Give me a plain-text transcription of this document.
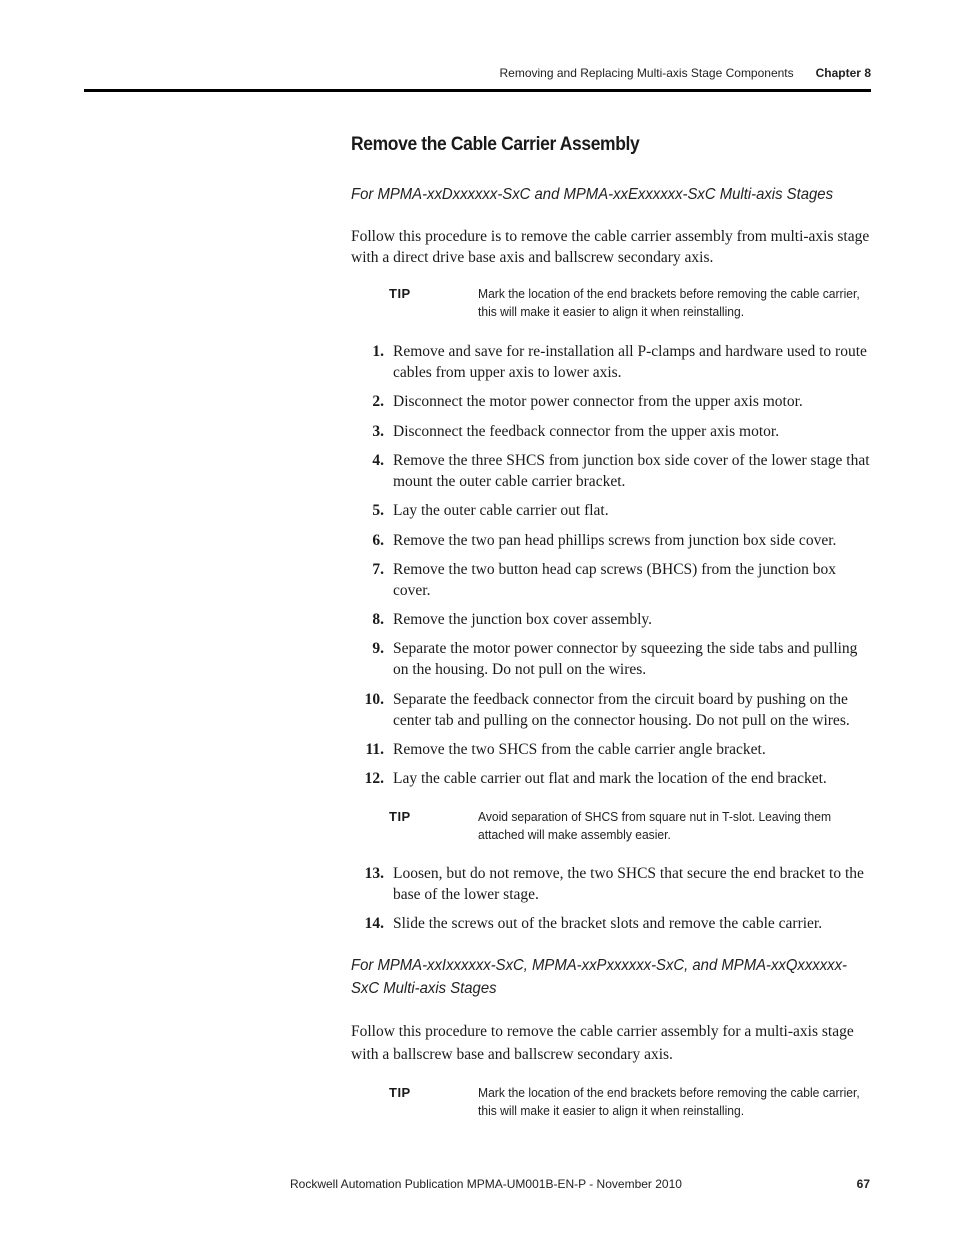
Removing and Replacing Multi-axis Stage Components Chapter 8
Remove the Cable Carrier Assembly

For MPMA-xxDxxxxxx-SxC and MPMA-xxExxxxxx-SxC Multi-axis Stages

Follow this procedure is to remove the cable carrier assembly from multi-axis stage with a direct drive base axis and ballscrew secondary axis.

TIP	Mark the location of the end brackets before removing the cable carrier, this will make it easier to align it when reinstalling.

1. Remove and save for re-installation all P-clamps and hardware used to route cables from upper axis to lower axis.

2. Disconnect the motor power connector from the upper axis motor.

3. Disconnect the feedback connector from the upper axis motor.

4. Remove the three SHCS from junction box side cover of the lower stage that mount the outer cable carrier bracket.

5. Lay the outer cable carrier out flat.

6. Remove the two pan head phillips screws from junction box side cover.

7. Remove the two button head cap screws (BHCS) from the junction box cover.

8. Remove the junction box cover assembly.

9. Separate the motor power connector by squeezing the side tabs and pulling on the housing. Do not pull on the wires.

10. Separate the feedback connector from the circuit board by pushing on the center tab and pulling on the connector housing. Do not pull on the wires.

11. Remove the two SHCS from the cable carrier angle bracket.

12. Lay the cable carrier out flat and mark the location of the end bracket.

TIP	Avoid separation of SHCS from square nut in T-slot. Leaving them attached will make assembly easier.

13. Loosen, but do not remove, the two SHCS that secure the end bracket to the base of the lower stage.

14. Slide the screws out of the bracket slots and remove the cable carrier.

For MPMA-xxIxxxxxx-SxC, MPMA-xxPxxxxxx-SxC, and MPMA-xxQxxxxxx-SxC Multi-axis Stages

Follow this procedure to remove the cable carrier assembly for a multi-axis stage with a ballscrew base and ballscrew secondary axis.

TIP	Mark the location of the end brackets before removing the cable carrier, this will make it easier to align it when reinstalling.

Rockwell Automation Publication MPMA-UM001B-EN-P - November 2010	67
